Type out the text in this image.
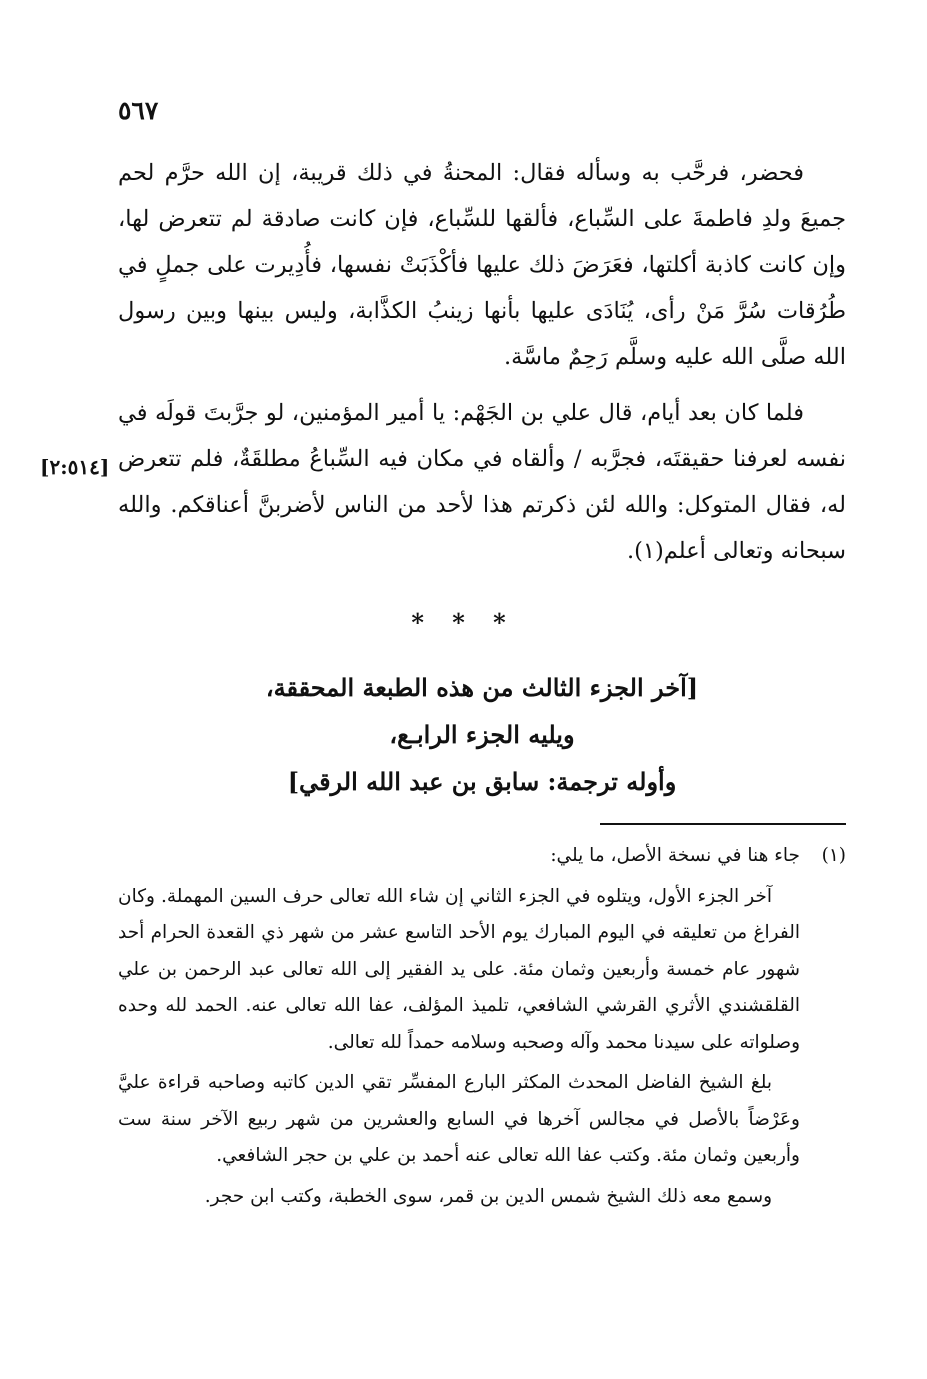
٥٦٧

فحضر، فرحَّب به وسأله فقال: المحنةُ في ذلك قريبة، إن الله حرَّم لحم جميعَ ولدِ فاطمةَ على السِّباع، فألقها للسِّباع، فإن كانت صادقة لم تتعرض لها، وإن كانت كاذبة أكلتها، فعَرَضَ ذلك عليها فأكْذَبَتْ نفسها، فأُدِيرت على جملٍ في طُرُقات سُرَّ مَنْ رأى، يُنَادَى عليها بأنها زينبُ الكذَّابة، وليس بينها وبين رسول الله صلَّى الله عليه وسلَّم رَحِمٌ ماسَّة.

فلما كان بعد أيام، قال علي بن الجَهْم: يا أمير المؤمنين، لو جرَّبتَ قولَه في نفسه لعرفنا حقيقتَه، فجرَّبه / وألقاه في مكان فيه السِّباعُ مطلقَةٌ، فلم تتعرض له، فقال المتوكل: والله لئن ذكرتم هذا لأحد من الناس لأضربنَّ أعناقكم. والله سبحانه وتعالى أعلم(١).

[٢:٥١٤]
* * *
[آخر الجزء الثالث من هذه الطبعة المحققة،
ويليه الجزء الرابـع،
وأوله ترجمة: سابق بن عبد الله الرقي]
(١)

جاء هنا في نسخة الأصل، ما يلي:

آخر الجزء الأول، ويتلوه في الجزء الثاني إن شاء الله تعالى حرف السين المهملة. وكان الفراغ من تعليقه في اليوم المبارك يوم الأحد التاسع عشر من شهر ذي القعدة الحرام أحد شهور عام خمسة وأربعين وثمان مئة. على يد الفقير إلى الله تعالى عبد الرحمن بن علي القلقشندي الأثري القرشي الشافعي، تلميذ المؤلف، عفا الله تعالى عنه. الحمد لله وحده وصلواته على سيدنا محمد وآله وصحبه وسلامه حمداً لله تعالى.

بلغ الشيخ الفاضل المحدث المكثر البارع المفسِّر تقي الدين كاتبه وصاحبه قراءة عليَّ وعَرْضاً بالأصل في مجالس آخرها في السابع والعشرين من شهر ربيع الآخر سنة ست وأربعين وثمان مئة. وكتب عفا الله تعالى عنه أحمد بن علي بن حجر الشافعي.

وسمع معه ذلك الشيخ شمس الدين بن قمر، سوى الخطبة، وكتب ابن حجر.
